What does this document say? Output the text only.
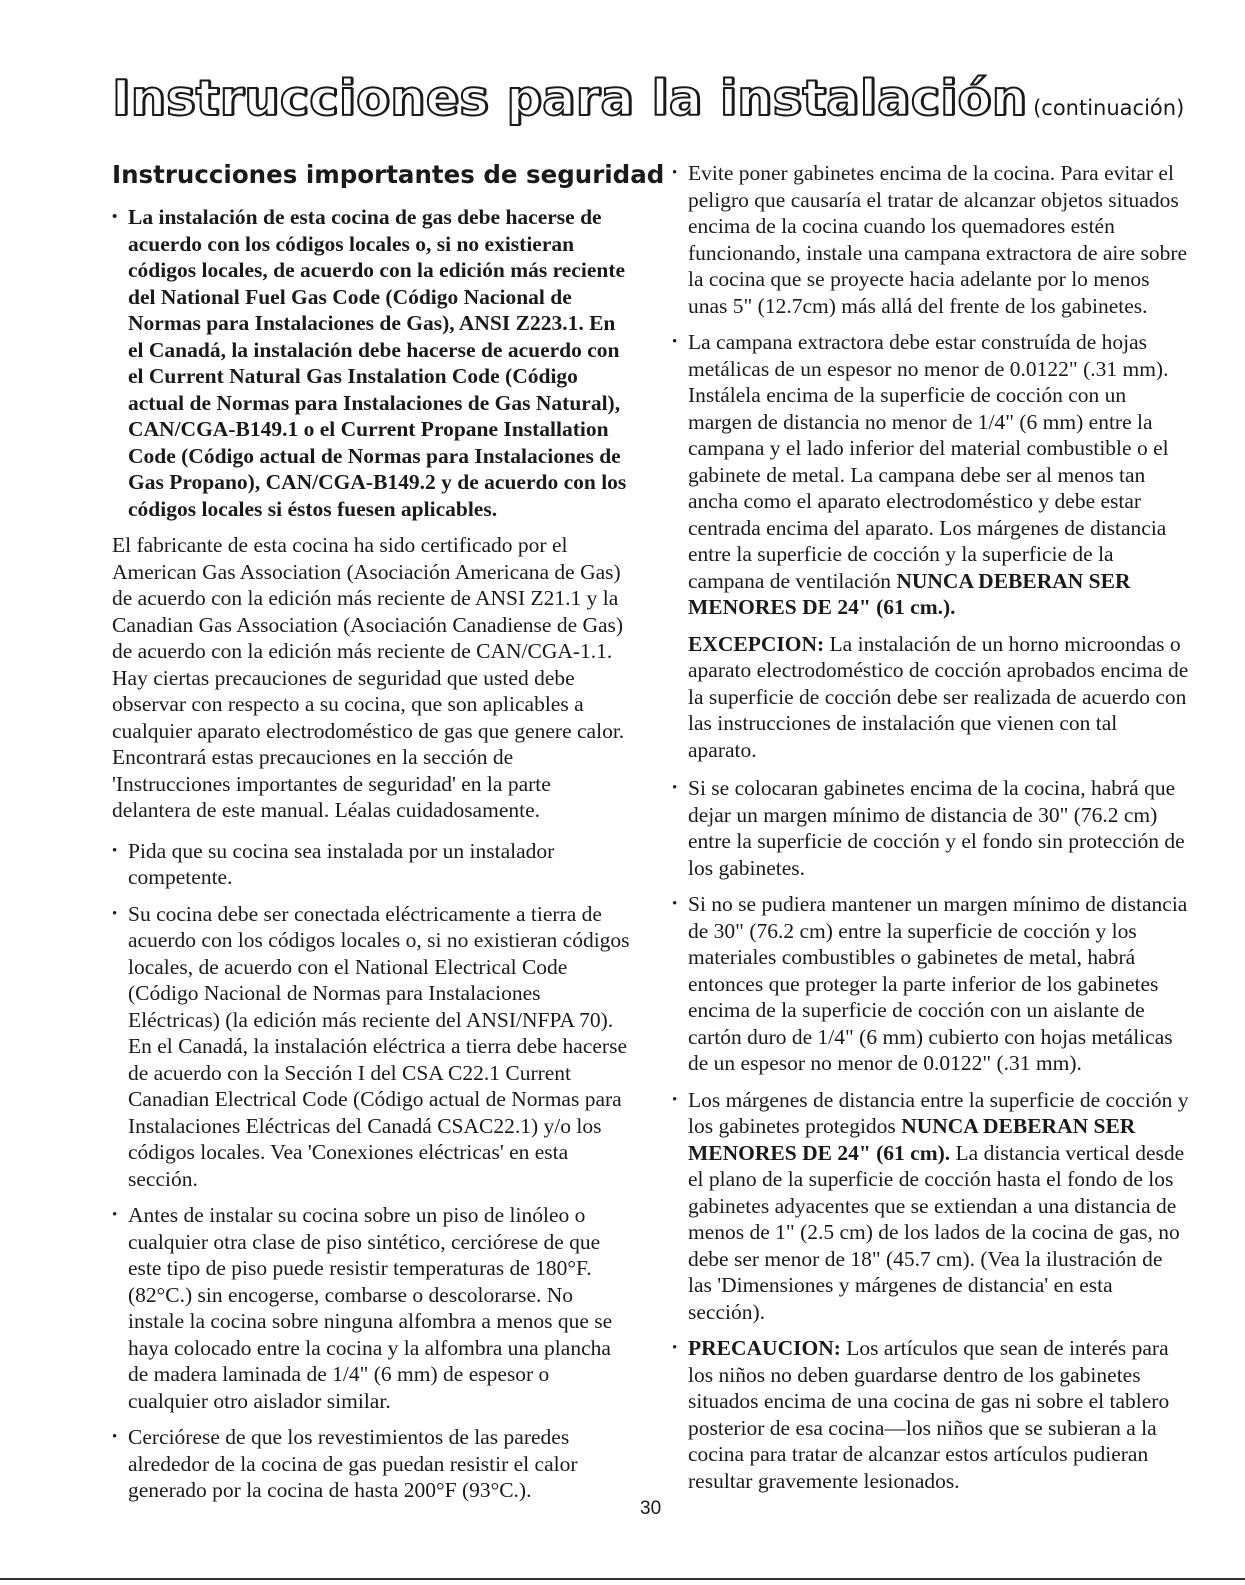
Instrucciones para la instalación (continuación)
Instrucciones importantes de seguridad
• La instalación de esta cocina de gas debe hacerse de acuerdo con los códigos locales o, si no existieran códigos locales, de acuerdo con la edición más reciente del National Fuel Gas Code (Código Nacional de Normas para Instalaciones de Gas), ANSI Z223.1. En el Canadá, la instalación debe hacerse de acuerdo con el Current Natural Gas Instalation Code (Código actual de Normas para Instalaciones de Gas Natural), CAN/CGA-B149.1 o el Current Propane Installation Code (Código actual de Normas para Instalaciones de Gas Propano), CAN/CGA-B149.2 y de acuerdo con los códigos locales si éstos fuesen aplicables.

El fabricante de esta cocina ha sido certificado por el American Gas Association (Asociación Americana de Gas) de acuerdo con la edición más reciente de ANSI Z21.1 y la Canadian Gas Association (Asociación Canadiense de Gas) de acuerdo con la edición más reciente de CAN/CGA-1.1. Hay ciertas precauciones de seguridad que usted debe observar con respecto a su cocina, que son aplicables a cualquier aparato electrodoméstico de gas que genere calor. Encontrará estas precauciones en la sección de 'Instrucciones importantes de seguridad' en la parte delantera de este manual. Léalas cuidadosamente.

• Pida que su cocina sea instalada por un instalador competente.
• Su cocina debe ser conectada eléctricamente a tierra de acuerdo con los códigos locales o, si no existieran códigos locales, de acuerdo con el National Electrical Code (Código Nacional de Normas para Instalaciones Eléctricas) (la edición más reciente del ANSI/NFPA 70). En el Canadá, la instalación eléctrica a tierra debe hacerse de acuerdo con la Sección I del CSA C22.1 Current Canadian Electrical Code (Código actual de Normas para Instalaciones Eléctricas del Canadá CSAC22.1) y/o los códigos locales. Vea 'Conexiones eléctricas' en esta sección.
• Antes de instalar su cocina sobre un piso de linóleo o cualquier otra clase de piso sintético, cerciórese de que este tipo de piso puede resistir temperaturas de 180°F. (82°C.) sin encogerse, combarse o descolorarse. No instale la cocina sobre ninguna alfombra a menos que se haya colocado entre la cocina y la alfombra una plancha de madera laminada de 1/4" (6 mm) de espesor o cualquier otro aislador similar.
• Cerciórese de que los revestimientos de las paredes alrededor de la cocina de gas puedan resistir el calor generado por la cocina de hasta 200°F (93°C.).
• Evite poner gabinetes encima de la cocina. Para evitar el peligro que causaría el tratar de alcanzar objetos situados encima de la cocina cuando los quemadores estén funcionando, instale una campana extractora de aire sobre la cocina que se proyecte hacia adelante por lo menos unas 5" (12.7cm) más allá del frente de los gabinetes.
• La campana extractora debe estar construída de hojas metálicas de un espesor no menor de 0.0122" (.31 mm). Instálela encima de la superficie de cocción con un margen de distancia no menor de 1/4" (6 mm) entre la campana y el lado inferior del material combustible o el gabinete de metal. La campana debe ser al menos tan ancha como el aparato electrodoméstico y debe estar centrada encima del aparato. Los márgenes de distancia entre la superficie de cocción y la superficie de la campana de ventilación NUNCA DEBERAN SER MENORES DE 24" (61 cm.).

EXCEPCION: La instalación de un horno microondas o aparato electrodoméstico de cocción aprobados encima de la superficie de cocción debe ser realizada de acuerdo con las instrucciones de instalación que vienen con tal aparato.

• Si se colocaran gabinetes encima de la cocina, habrá que dejar un margen mínimo de distancia de 30" (76.2 cm) entre la superficie de cocción y el fondo sin protección de los gabinetes.
• Si no se pudiera mantener un margen mínimo de distancia de 30" (76.2 cm) entre la superficie de cocción y los materiales combustibles o gabinetes de metal, habrá entonces que proteger la parte inferior de los gabinetes encima de la superficie de cocción con un aislante de cartón duro de 1/4" (6 mm) cubierto con hojas metálicas de un espesor no menor de 0.0122" (.31 mm).
• Los márgenes de distancia entre la superficie de cocción y los gabinetes protegidos NUNCA DEBERAN SER MENORES DE 24" (61 cm). La distancia vertical desde el plano de la superficie de cocción hasta el fondo de los gabinetes adyacentes que se extiendan a una distancia de menos de 1" (2.5 cm) de los lados de la cocina de gas, no debe ser menor de 18" (45.7 cm). (Vea la ilustración de las 'Dimensiones y márgenes de distancia' en esta sección).
• PRECAUCION: Los artículos que sean de interés para los niños no deben guardarse dentro de los gabinetes situados encima de una cocina de gas ni sobre el tablero posterior de esa cocina—los niños que se subieran a la cocina para tratar de alcanzar estos artículos pudieran resultar gravemente lesionados.
30
